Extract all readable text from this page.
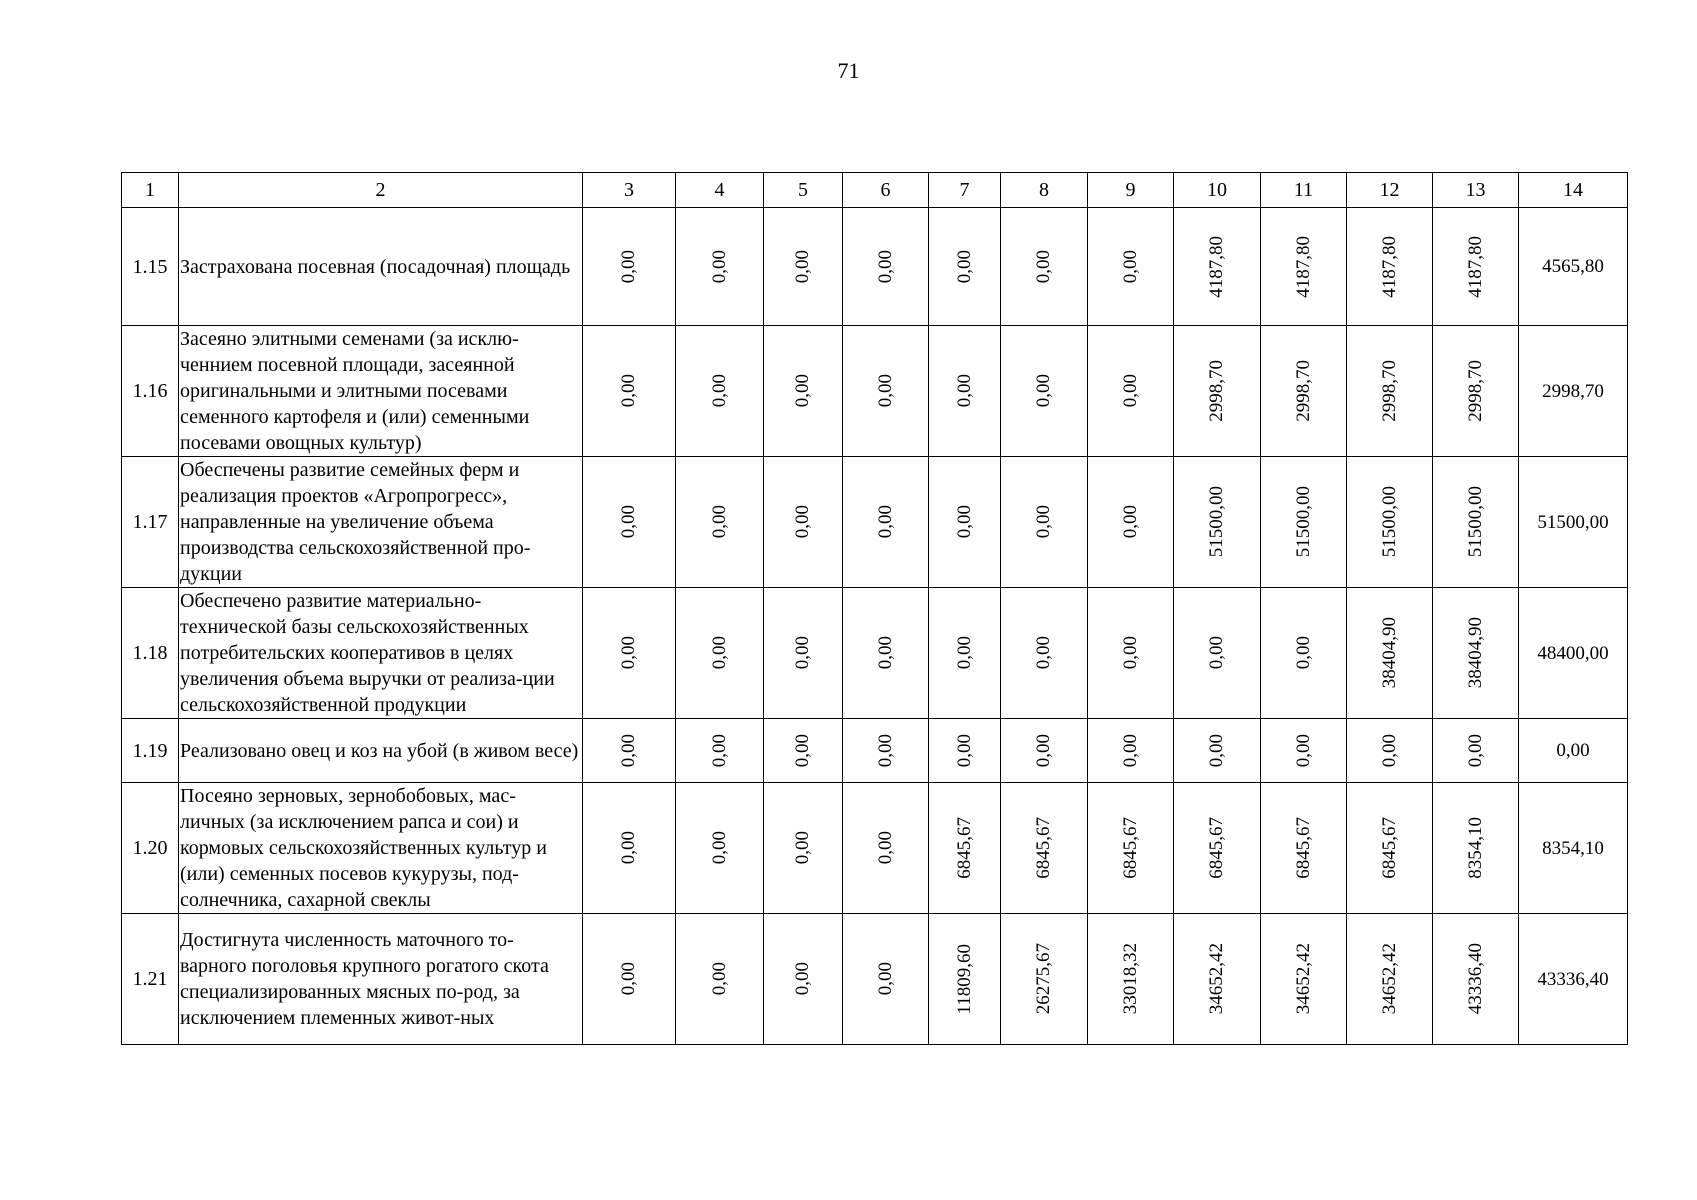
71
1	2	3	4	5	6	7	8	9	10	11	12	13	14
1.15	Застрахована посевная (посадочная) площадь	0,00	0,00	0,00	0,00	0,00	0,00	0,00	4187,80	4187,80	4187,80	4187,80	4565,80
1.16	Засеяно элитными семенами (за исклю-ченнием посевной площади, засеянной оригинальными и элитными посевами семенного картофеля и (или) семенными посевами овощных культур)	0,00	0,00	0,00	0,00	0,00	0,00	0,00	2998,70	2998,70	2998,70	2998,70	2998,70
1.17	Обеспечены развитие семейных ферм и реализация проектов «Агропрогресс», направленные на увеличение объема производства сельскохозяйственной про-дукции	0,00	0,00	0,00	0,00	0,00	0,00	0,00	51500,00	51500,00	51500,00	51500,00	51500,00
1.18	Обеспечено развитие материально-технической базы сельскохозяйственных потребительских кооперативов в целях увеличения объема выручки от реализа-ции сельскохозяйственной продукции	0,00	0,00	0,00	0,00	0,00	0,00	0,00	0,00	0,00	38404,90	38404,90	48400,00
1.19	Реализовано овец и коз на убой (в живом весе)	0,00	0,00	0,00	0,00	0,00	0,00	0,00	0,00	0,00	0,00	0,00	0,00
1.20	Посеяно зерновых, зернобобовых, мас-личных (за исключением рапса и сои) и кормовых сельскохозяйственных культур и (или) семенных посевов кукурузы, под-солнечника, сахарной свеклы	0,00	0,00	0,00	0,00	6845,67	6845,67	6845,67	6845,67	6845,67	6845,67	8354,10	8354,10
1.21	Достигнута численность маточного то-варного поголовья крупного рогатого скота специализированных мясных по-род, за исключением племенных живот-ных	0,00	0,00	0,00	0,00	11809,60	26275,67	33018,32	34652,42	34652,42	34652,42	43336,40	43336,40
